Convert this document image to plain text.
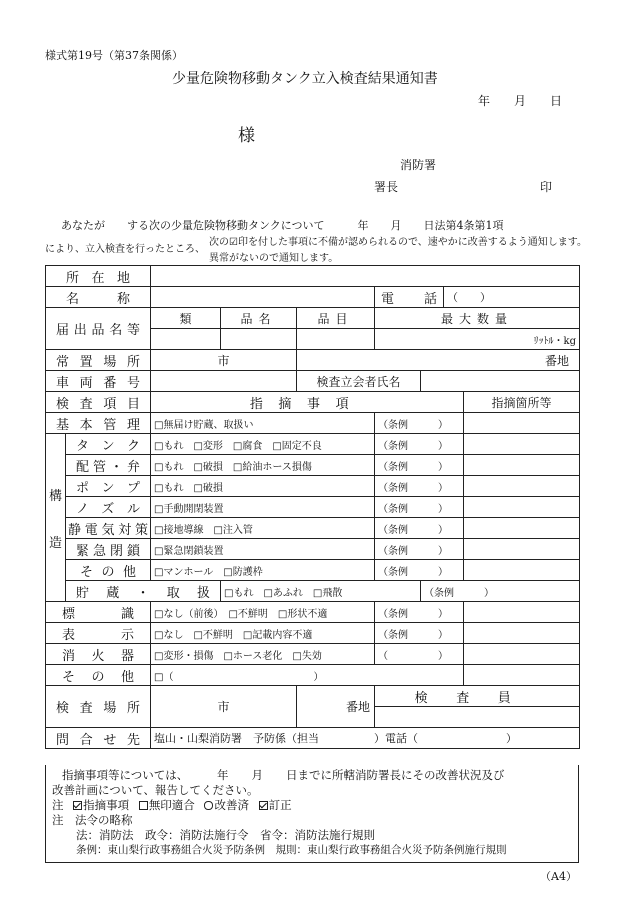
様式第19号（第37条関係）
少量危険物移動タンク立入検査結果通知書
年　　月　　日
様
消防署
署長	印
あなたが　　する次の少量危険物移動タンクについて　　　年　　月　　日法第4条第1項
により、立入検査を行ったところ、
次の☑印を付した事項に不備が認められるので、速やかに改善するよう通知します。
異常がないので通知します。
所在地									
名称					電話		（　　）		
届出品名等		類	品名	品目	最大数量				
					ﾘｯﾄﾙ・kg				
常置場所		市		番地					
車両番号				検査立会者氏名					
検査項目		指摘事項						指摘箇所等	
基本管理		□無届け貯蔵、取扱い			（条例　　　）				

構
造	タンク	□もれ　□変形　□腐食　□固定不良			（条例　　　）				
	配管・弁	□もれ　□破損　□給油ホース損傷			（条例　　　）				
	ポンプ	□もれ　□破損			（条例　　　）				
	ノズル	□手動開閉装置			（条例　　　）				
	静電気対策	□接地導線　□注入管			（条例　　　）				
	緊急閉鎖	□緊急閉鎖装置			（条例　　　）				
	その他	□マンホール　□防護枠			（条例　　　）				
	貯蔵・取扱		□もれ　□あふれ　□飛散			（条例　　　）			
標識		□なし（前後）　□不鮮明　□形状不適			（条例　　　）				
表示		□なし　□不鮮明　□記載内容不適			（条例　　　）				
消火器		□変形・損傷　□ホース老化　□失効			（　　　　　）				
その他		□（　　　　　　　　　　　　　　）							
検査場所		市		番地	検査員				

問合せ先		塩山・山梨消防署　予防係（担当　　　　　）電話（　　　　　　　　）							
指摘事項等については、　　　年　　月　　日までに所轄消防署長にその改善状況及び
改善計画について、報告してください。
注 指摘事項 無印適合 改善済 訂正
注　法令の略称
法：消防法　政令：消防法施行令　省令：消防法施行規則
条例：東山梨行政事務組合火災予防条例　規則：東山梨行政事務組合火災予防条例施行規則
（A4）
